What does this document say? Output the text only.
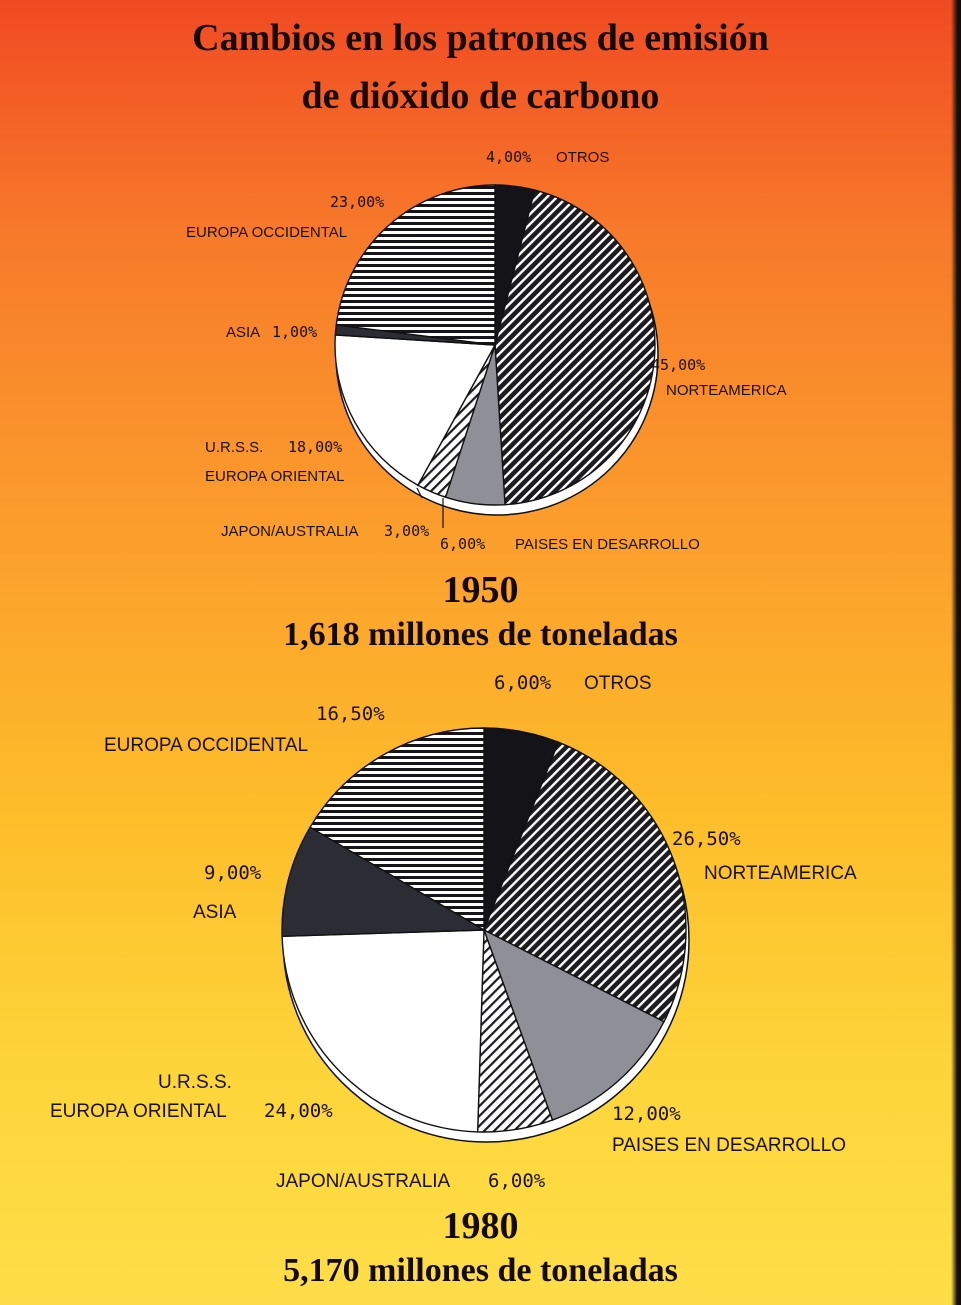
Cambios en los patrones de emisión
de dióxido de carbono
4,00% OTROS
23,00%
EUROPA OCCIDENTAL
ASIA 1,00%
45,00%
NORTEAMERICA
U.R.S.S. 18,00%
EUROPA ORIENTAL
JAPON/AUSTRALIA 3,00%
6,00% PAISES EN DESARROLLO
6,00% OTROS
16,50%
EUROPA OCCIDENTAL
26,50%
NORTEAMERICA
9,00%
ASIA
U.R.S.S.
EUROPA ORIENTAL 24,00%	12,00%
PAISES EN DESARROLLO
JAPON/AUSTRALIA 6,00%
1950
1,618 millones de toneladas
1980
5,170 millones de toneladas
